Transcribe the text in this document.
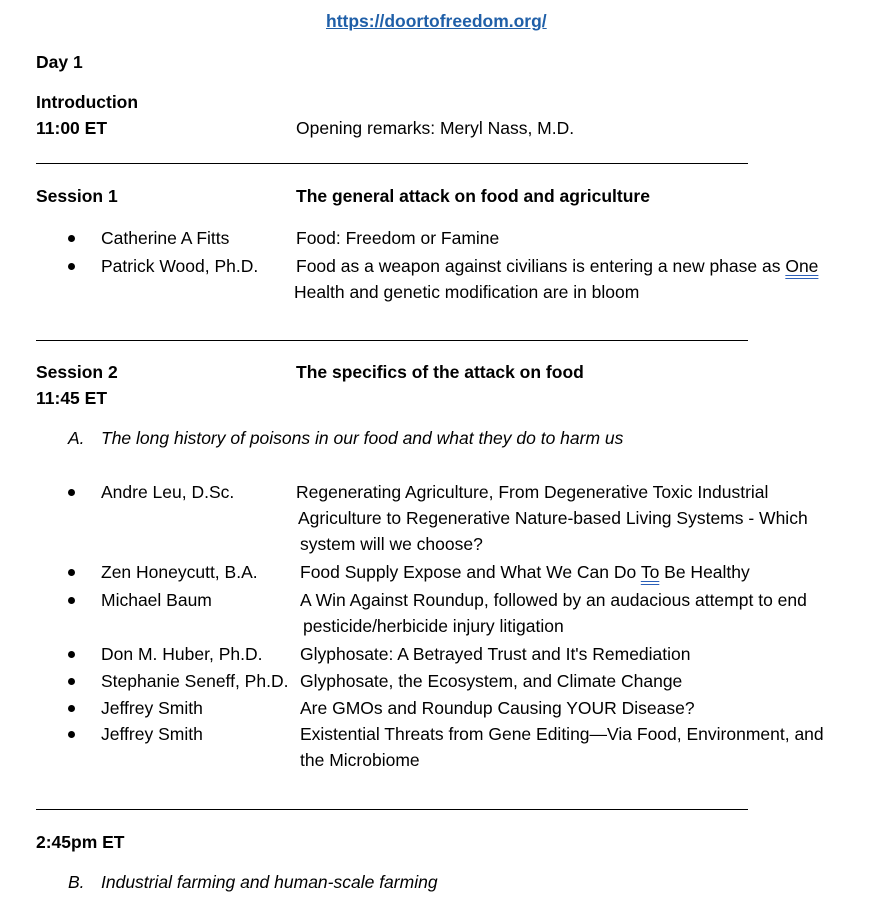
https://doortofreedom.org/
Day 1
Introduction
11:00 ET	Opening remarks: Meryl Nass, M.D.
Session 1	The general attack on food and agriculture
Catherine A Fitts	Food: Freedom or Famine
Patrick Wood, Ph.D. Food as a weapon against civilians is entering a new phase as One
Health and genetic modification are in bloom
Session 2	The specifics of the attack on food
11:45 ET
A. The long history of poisons in our food and what they do to harm us
Andre Leu, D.Sc.	Regenerating Agriculture, From Degenerative Toxic Industrial
Agriculture to Regenerative Nature-based Living Systems - Which
system will we choose?
Zen Honeycutt, B.A. Food Supply Expose and What We Can Do To Be Healthy
Michael Baum	A Win Against Roundup, followed by an audacious attempt to end
pesticide/herbicide injury litigation
Don M. Huber, Ph.D. Glyphosate: A Betrayed Trust and It's Remediation
Stephanie Seneff, Ph.D. Glyphosate, the Ecosystem, and Climate Change
Jeffrey Smith	Are GMOs and Roundup Causing YOUR Disease?
Jeffrey Smith	Existential Threats from Gene Editing—Via Food, Environment, and
the Microbiome
2:45pm ET
B. Industrial farming and human-scale farming
